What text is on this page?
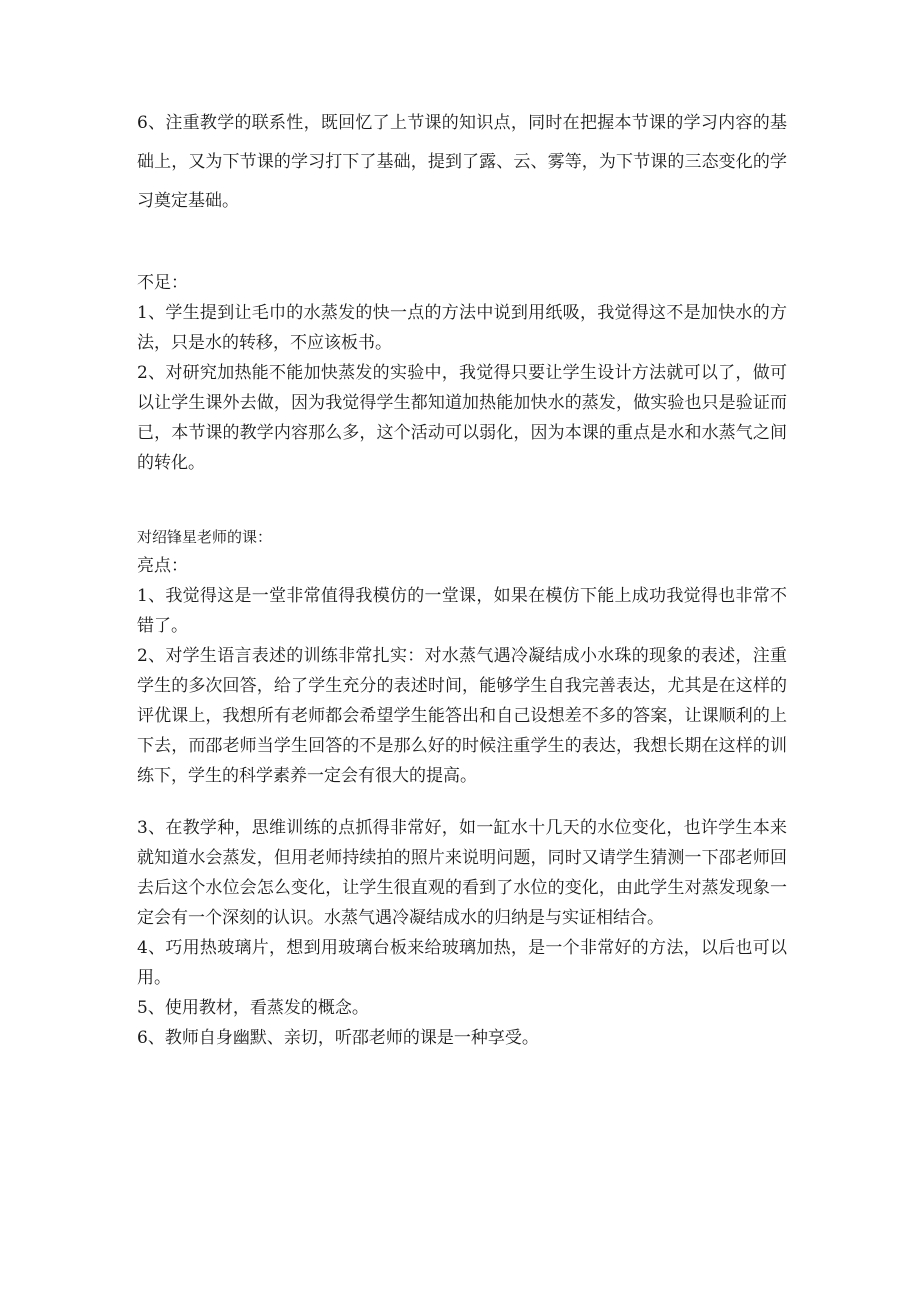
6、注重教学的联系性，既回忆了上节课的知识点，同时在把握本节课的学习内容的基础上，又为下节课的学习打下了基础，提到了露、云、雾等，为下节课的三态变化的学习奠定基础。

不足：

1、学生提到让毛巾的水蒸发的快一点的方法中说到用纸吸，我觉得这不是加快水的方法，只是水的转移，不应该板书。

2、对研究加热能不能加快蒸发的实验中，我觉得只要让学生设计方法就可以了，做可以让学生课外去做，因为我觉得学生都知道加热能加快水的蒸发，做实验也只是验证而已，本节课的教学内容那么多，这个活动可以弱化，因为本课的重点是水和水蒸气之间的转化。

对绍锋星老师的课：

亮点：

1、我觉得这是一堂非常值得我模仿的一堂课，如果在模仿下能上成功我觉得也非常不错了。

2、对学生语言表述的训练非常扎实：对水蒸气遇冷凝结成小水珠的现象的表述，注重学生的多次回答，给了学生充分的表述时间，能够学生自我完善表达，尤其是在这样的评优课上，我想所有老师都会希望学生能答出和自己设想差不多的答案，让课顺利的上下去，而邵老师当学生回答的不是那么好的时候注重学生的表达，我想长期在这样的训练下，学生的科学素养一定会有很大的提高。

3、在教学种，思维训练的点抓得非常好，如一缸水十几天的水位变化，也许学生本来就知道水会蒸发，但用老师持续拍的照片来说明问题，同时又请学生猜测一下邵老师回去后这个水位会怎么变化，让学生很直观的看到了水位的变化，由此学生对蒸发现象一定会有一个深刻的认识。水蒸气遇冷凝结成水的归纳是与实证相结合。

4、巧用热玻璃片，想到用玻璃台板来给玻璃加热，是一个非常好的方法，以后也可以用。

5、使用教材，看蒸发的概念。

6、教师自身幽默、亲切，听邵老师的课是一种享受。
